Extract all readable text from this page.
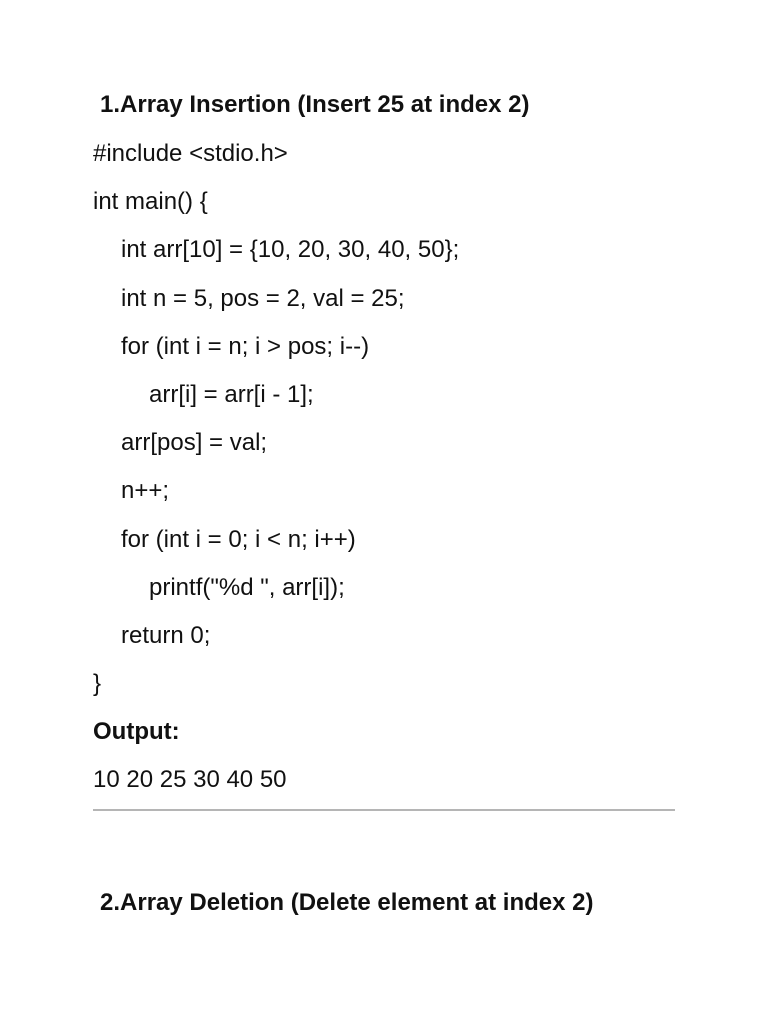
1.Array Insertion (Insert 25 at index 2)
#include <stdio.h>
int main() {
int arr[10] = {10, 20, 30, 40, 50};
int n = 5, pos = 2, val = 25;
for (int i = n; i > pos; i--)
arr[i] = arr[i - 1];
arr[pos] = val;
n++;
for (int i = 0; i < n; i++)
printf("%d ", arr[i]);
return 0;
}
Output:
10 20 25 30 40 50
2.Array Deletion (Delete element at index 2)
